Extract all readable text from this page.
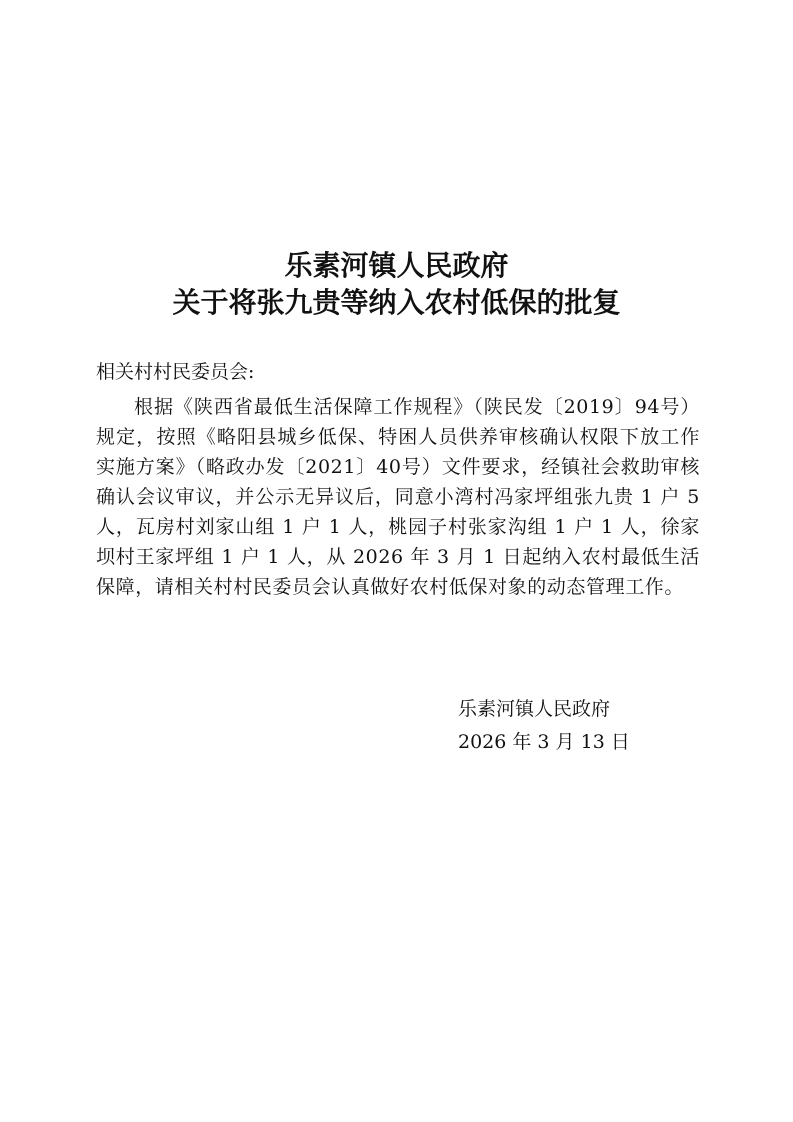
乐素河镇人民政府
关于将张九贵等纳入农村低保的批复

相关村村民委员会:

根据《陕西省最低生活保障工作规程》（陕民发〔2019〕94号）规定，按照《略阳县城乡低保、特困人员供养审核确认权限下放工作实施方案》（略政办发〔2021〕40号）文件要求，经镇社会救助审核确认会议审议，并公示无异议后，同意小湾村冯家坪组张九贵 1 户 5 人，瓦房村刘家山组 1 户 1 人，桃园子村张家沟组 1 户 1 人，徐家坝村王家坪组 1 户 1 人，从 2026 年 3 月 1 日起纳入农村最低生活保障，请相关村村民委员会认真做好农村低保对象的动态管理工作。

乐素河镇人民政府

2026 年 3 月 13 日
